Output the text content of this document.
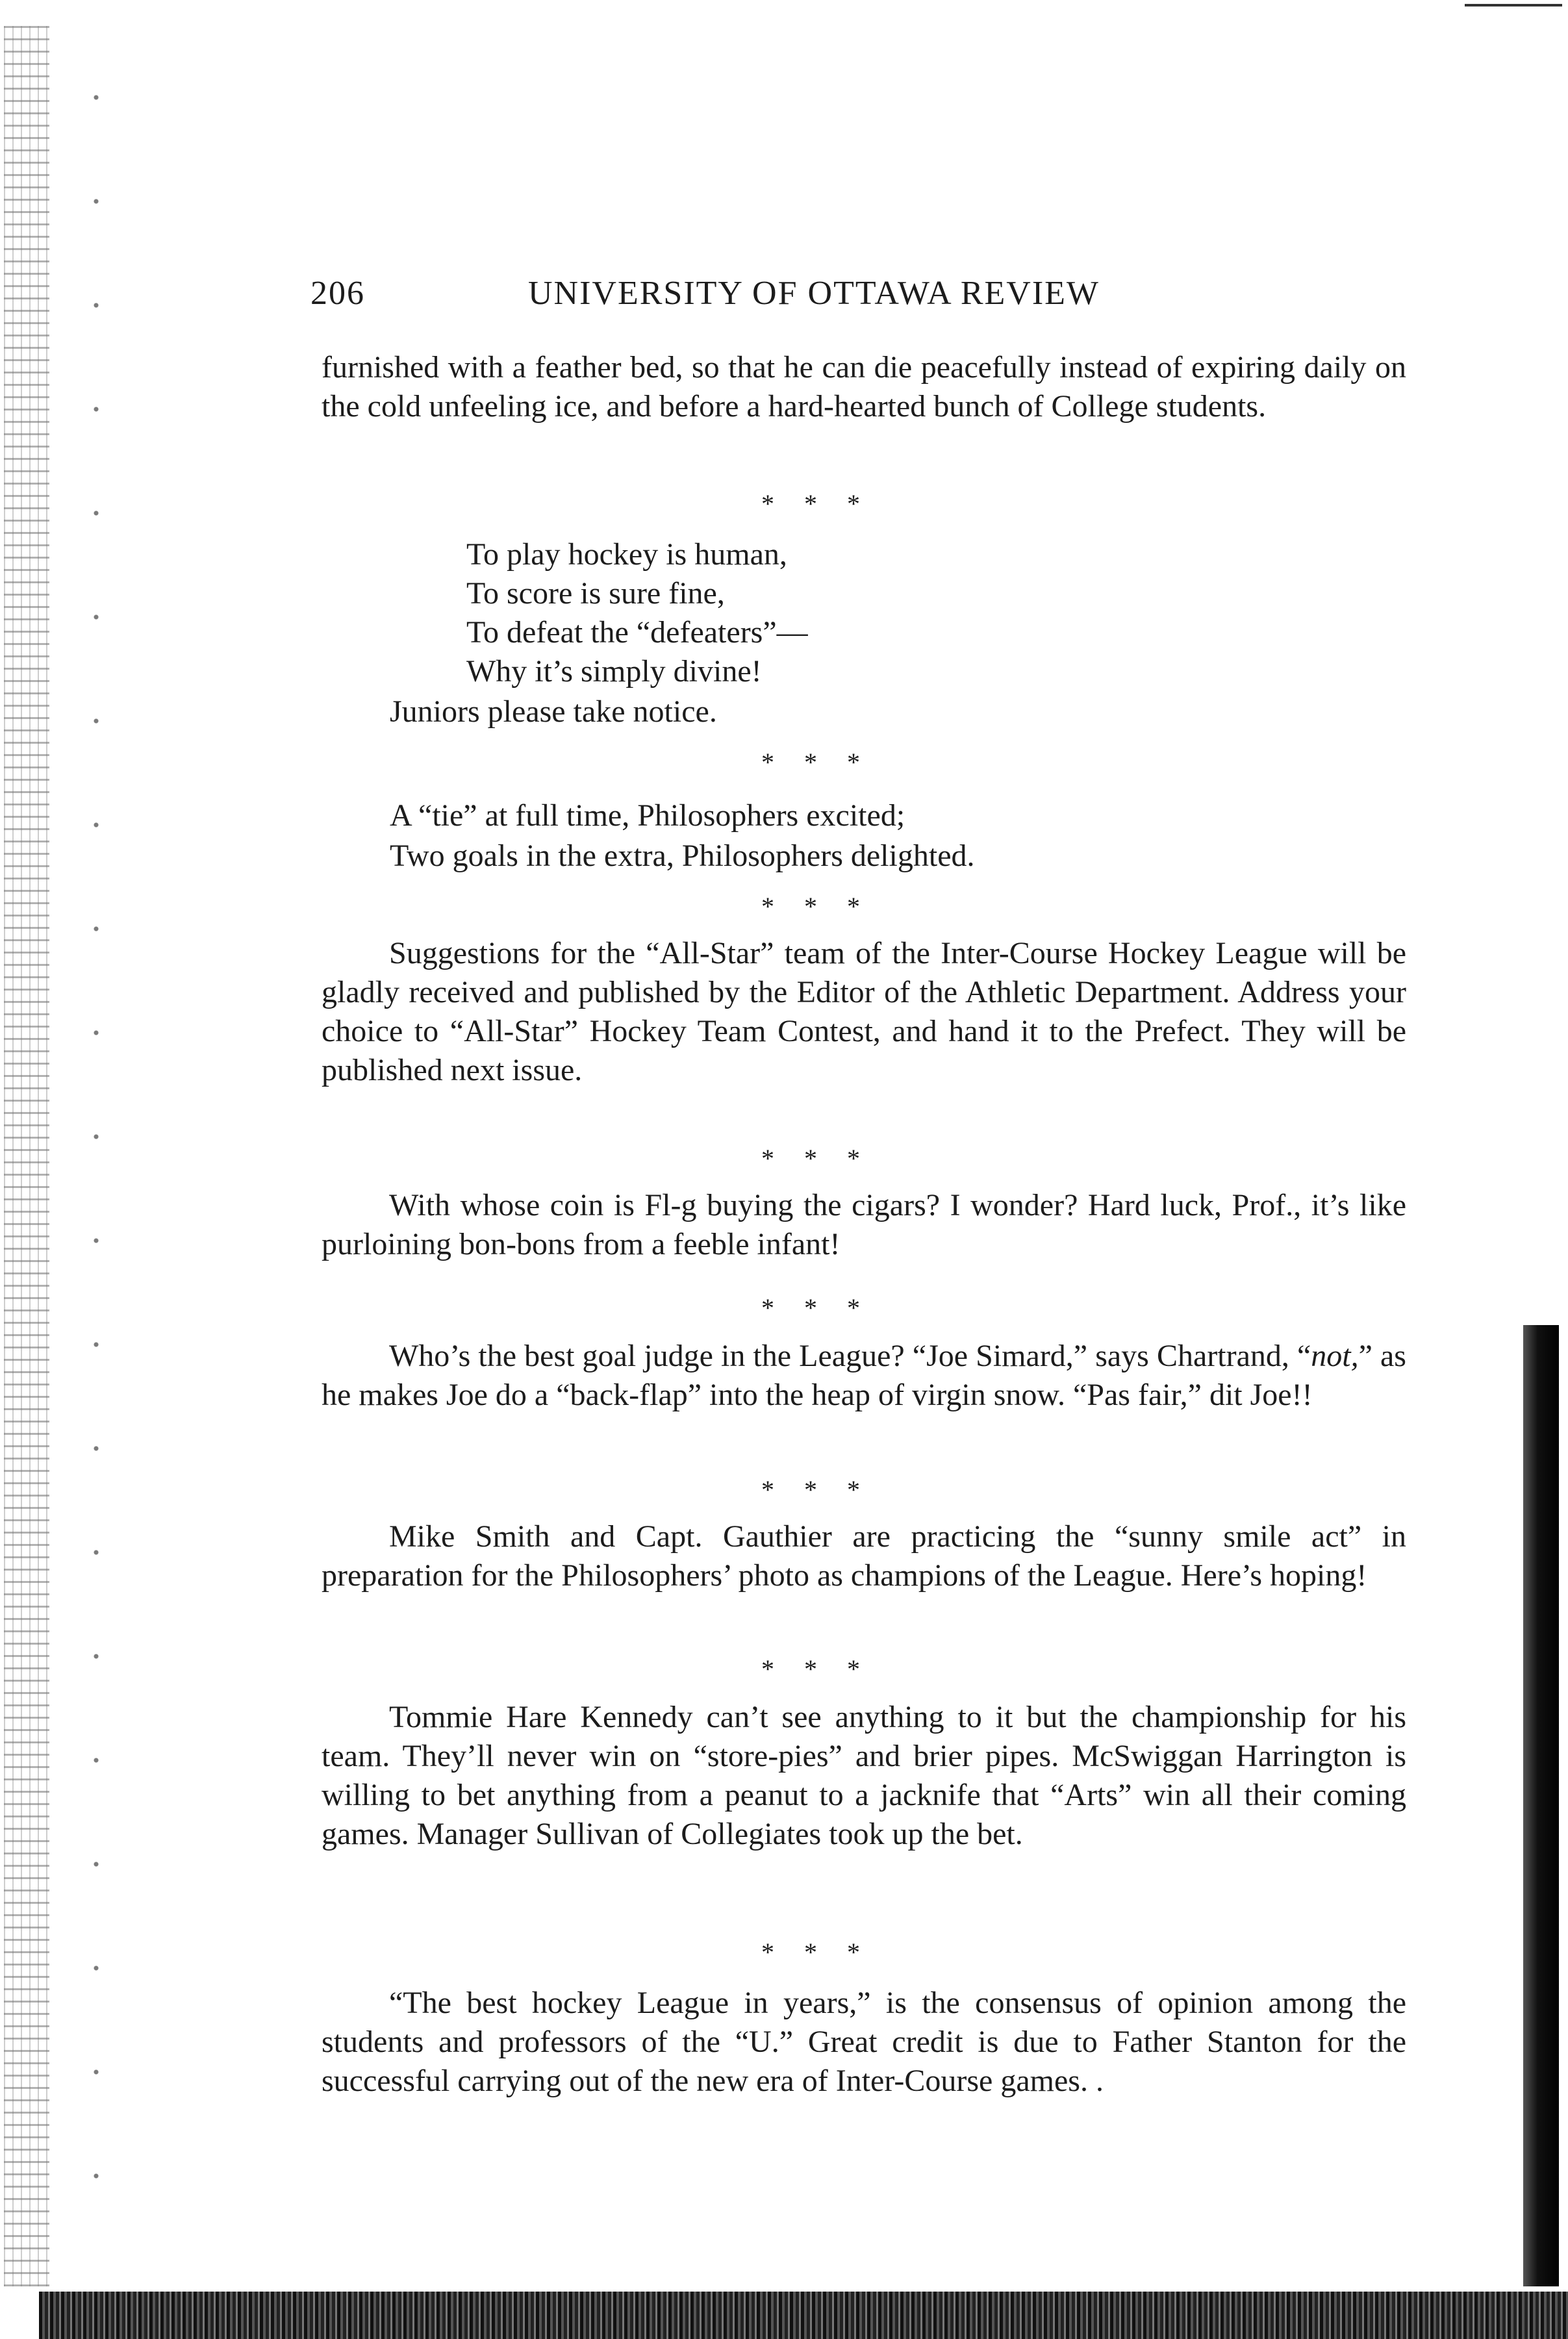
206	UNIVERSITY OF OTTAWA REVIEW
furnished with a feather bed, so that he can die peacefully instead of expiring daily on the cold unfeeling ice, and before a hard-hearted bunch of College students.
* * *
To play hockey is human,
To score is sure fine,
To defeat the “defeaters”—
Why it’s simply divine!
Juniors please take notice.
* * *
A “tie” at full time, Philosophers excited;
Two goals in the extra, Philosophers delighted.
* * *
Suggestions for the “All-Star” team of the Inter-Course Hockey League will be gladly received and published by the Editor of the Athletic Department. Address your choice to “All-Star” Hockey Team Contest, and hand it to the Prefect. They will be published next issue.
* * *
With whose coin is Fl-g buying the cigars? I wonder? Hard luck, Prof., it’s like purloining bon-bons from a feeble infant!
* * *
Who’s the best goal judge in the League? “Joe Simard,” says Chartrand, “not,” as he makes Joe do a “back-flap” into the heap of virgin snow. “Pas fair,” dit Joe!!
* * *
Mike Smith and Capt. Gauthier are practicing the “sunny smile act” in preparation for the Philosophers’ photo as champions of the League. Here’s hoping!
* * *
Tommie Hare Kennedy can’t see anything to it but the championship for his team. They’ll never win on “store-pies” and brier pipes. McSwiggan Harrington is willing to bet anything from a peanut to a jacknife that “Arts” win all their coming games. Manager Sullivan of Collegiates took up the bet.
* * *
“The best hockey League in years,” is the consensus of opinion among the students and professors of the “U.” Great credit is due to Father Stanton for the successful carrying out of the new era of Inter-Course games. .
